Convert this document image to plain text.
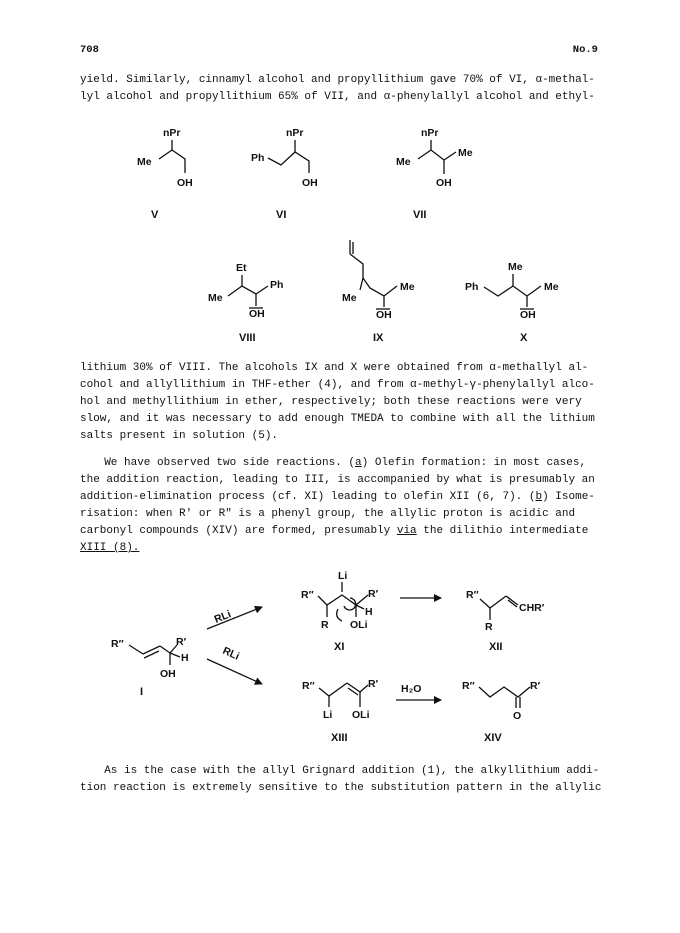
708	No.9

yield. Similarly, cinnamyl alcohol and propyllithium gave 70% of VI, α-methal-

lyl alcohol and propyllithium 65% of VII, and α-phenylallyl alcohol and ethyl-

nPr
Me
OH
V
nPr
Ph
OH
VI
nPr
Me
Me
OH
VII
Et
Me
Ph
OH
VIII
Me
Me
OH
IX
Me
Ph	Me
OH
X

lithium 30% of VIII. The alcohols IX and X were obtained from α-methallyl al-

cohol and allyllithium in THF-ether (4), and from α-methyl-γ-phenylallyl alco-

hol and methyllithium in ether, respectively; both these reactions were very

slow, and it was necessary to add enough TMEDA to combine with all the lithium

salts present in solution (5).

We have observed two side reactions. (a) Olefin formation: in most cases,

the addition reaction, leading to III, is accompanied by what is presumably an

addition-elimination process (cf. XI) leading to olefin XII (6, 7). (b) Isome-

risation: when R′ or R″ is a phenyl group, the allylic proton is acidic and

carbonyl compounds (XIV) are formed, presumably via the dilithio intermediate

XIII (8).

R″	R′
H
OH
I
RLi
RLi
Li
R″	R′
H
R OLi
XI
R″
CHR′
R
XII
R″	R′
Li OLi
XIII
H₂O	R″	R′
O
XIV

As is the case with the allyl Grignard addition (1), the alkyllithium addi-

tion reaction is extremely sensitive to the substitution pattern in the allylic
